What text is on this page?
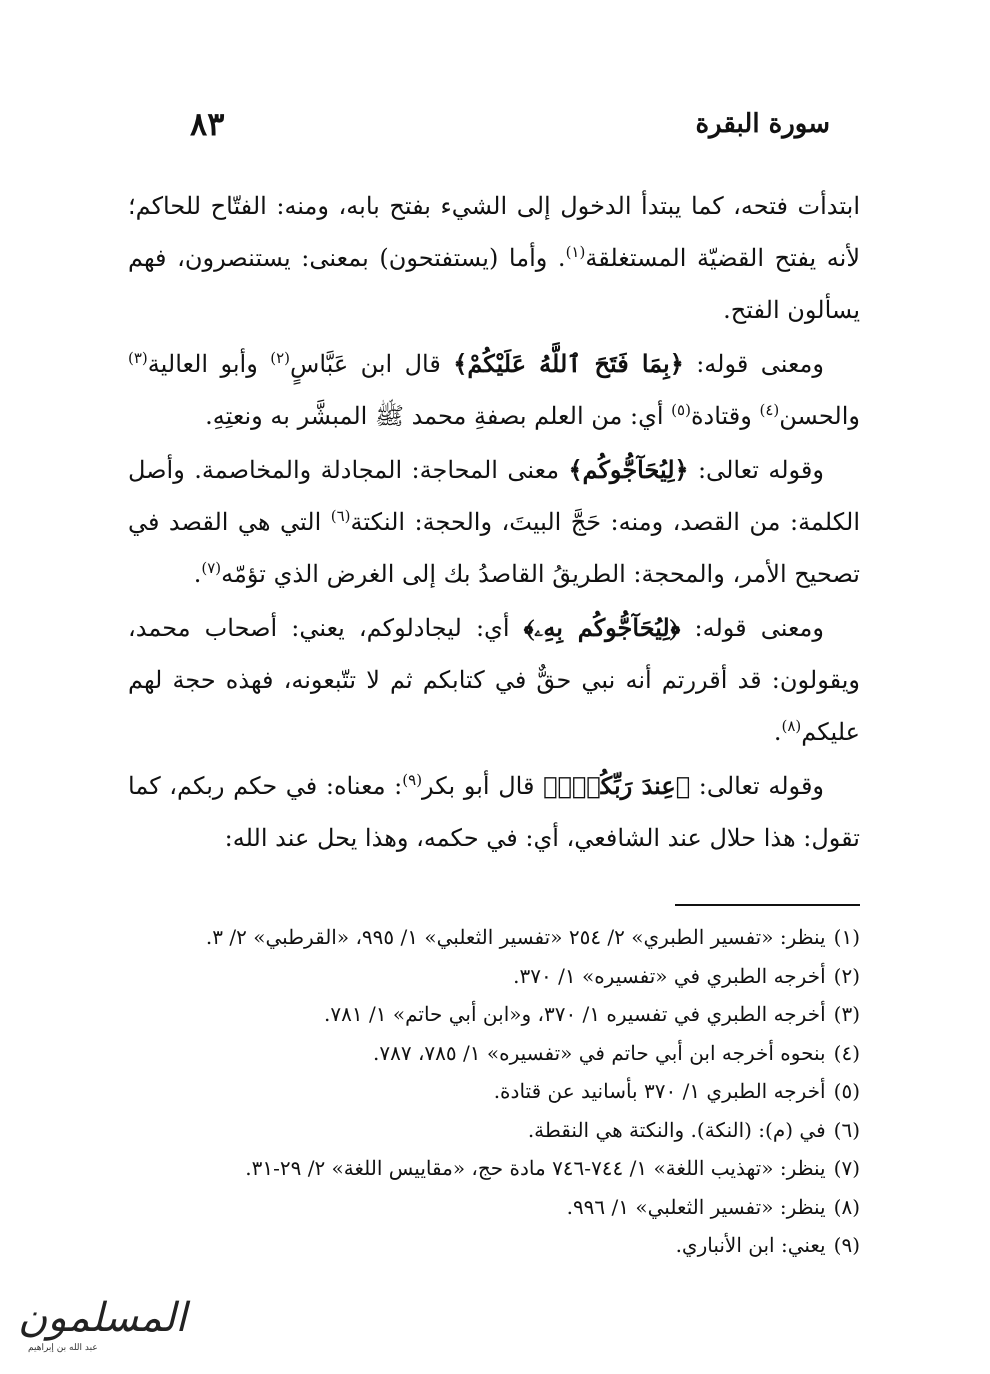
سورة البقرة
٨٣

ابتدأت فتحه، كما يبتدأ الدخول إلى الشيء بفتح بابه، ومنه: الفتّاح للحاكم؛ لأنه يفتح القضيّة المستغلقة$^{(١)}$. وأما (يستفتحون) بمعنى: يستنصرون، فهم يسألون الفتح.

ومعنى قوله: ﴿بِمَا فَتَحَ ٱللَّهُ عَلَيْكُمْ﴾ قال ابن عَبَّاسٍ$^{(٢)}$ وأبو العالية$^{(٣)}$ والحسن$^{(٤)}$ وقتادة$^{(٥)}$ أي: من العلم بصفةِ محمد ﷺ المبشَّر به ونعتِهِ.

وقوله تعالى: ﴿لِيُحَآجُّوكُم﴾ معنى المحاجة: المجادلة والمخاصمة. وأصل الكلمة: من القصد، ومنه: حَجَّ البيتَ، والحجة: النكتة$^{(٦)}$ التي هي القصد في تصحيح الأمر، والمحجة: الطريقُ القاصدُ بك إلى الغرض الذي تؤمّه$^{(٧)}$.

ومعنى قوله: ﴿لِيُحَآجُّوكُم بِهِۦ﴾ أي: ليجادلوكم، يعني: أصحاب محمد، ويقولون: قد أقررتم أنه نبي حقٌّ في كتابكم ثم لا تتّبعونه، فهذه حجة لهم عليكم$^{(٨)}$.

وقوله تعالى: ﴿عِندَ رَبِّكُمْۚ﴾ قال أبو بكر$^{(٩)}$: معناه: في حكم ربكم، كما تقول: هذا حلال عند الشافعي، أي: في حكمه، وهذا يحل عند الله:

(١)ينظر: «تفسير الطبري» ٢/ ٢٥٤ «تفسير الثعلبي» ١/ ٩٩٥، «القرطبي» ٢/ ٣.

(٢)أخرجه الطبري في «تفسيره» ١/ ٣٧٠.

(٣)أخرجه الطبري في تفسيره ١/ ٣٧٠، و«ابن أبي حاتم» ١/ ٧٨١.

(٤)بنحوه أخرجه ابن أبي حاتم في «تفسيره» ١/ ٧٨٥، ٧٨٧.

(٥)أخرجه الطبري ١/ ٣٧٠ بأسانيد عن قتادة.

(٦)في (م): (النكة). والنكتة هي النقطة.

(٧)ينظر: «تهذيب اللغة» ١/ ٧٤٤-٧٤٦ مادة حج، «مقاييس اللغة» ٢/ ٢٩-٣١.

(٨)ينظر: «تفسير الثعلبي» ١/ ٩٩٦.

(٩)يعني: ابن الأنباري.

المسلمون
عبد الله بن إبراهيم
